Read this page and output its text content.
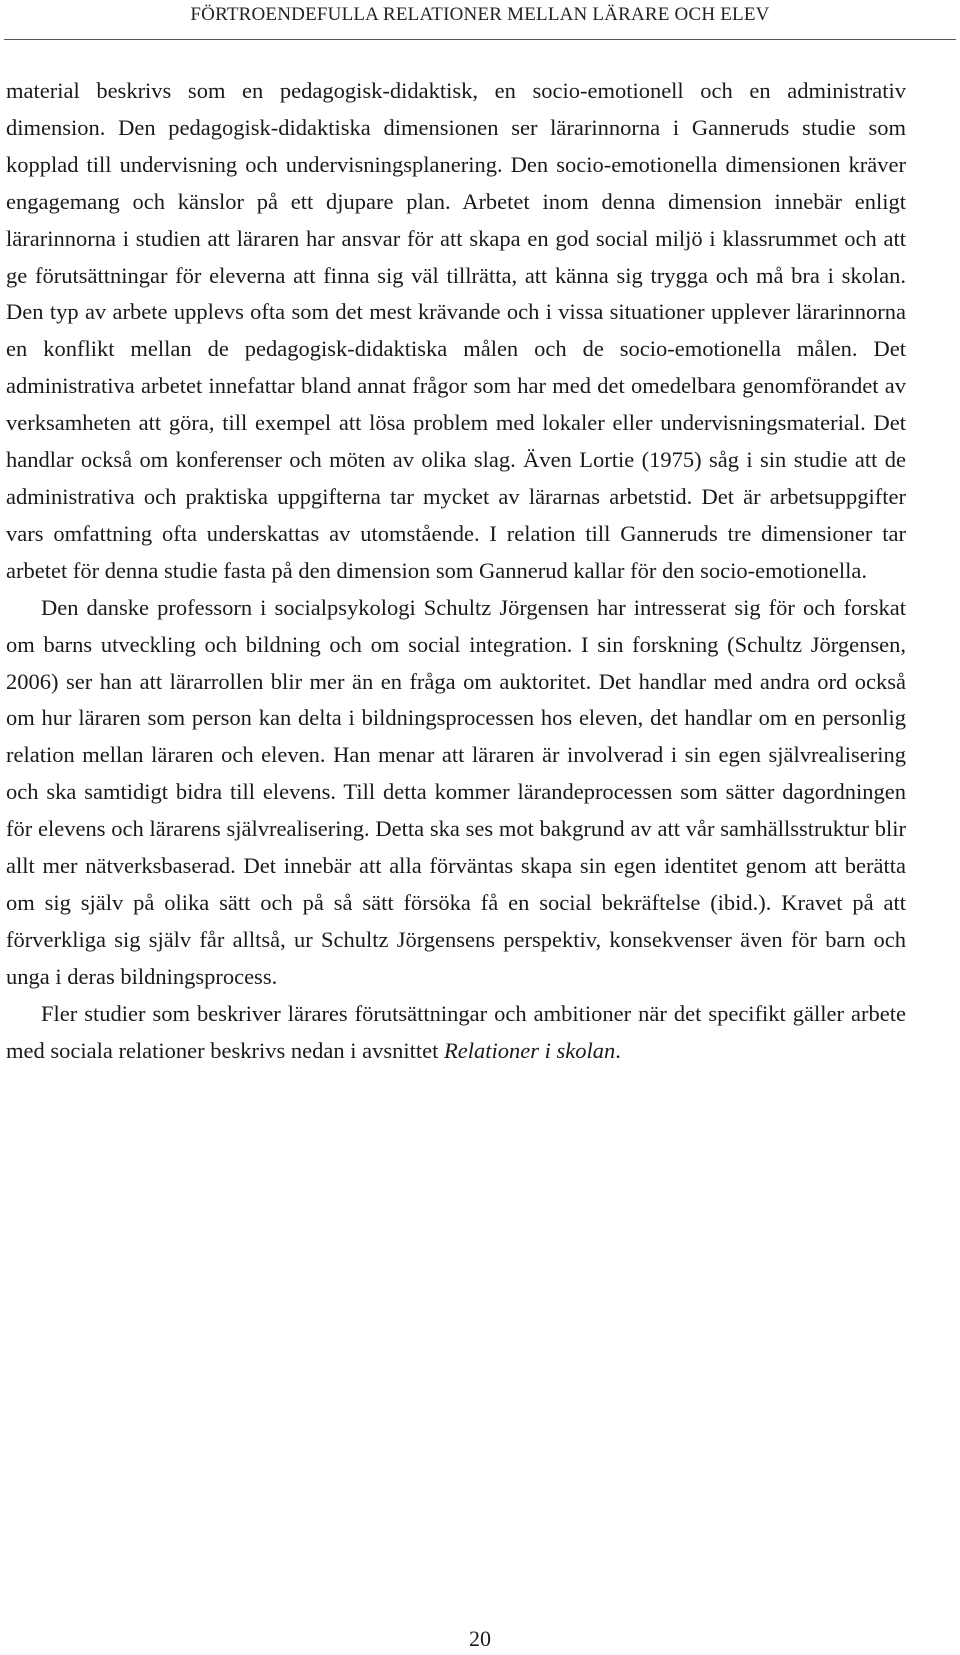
FÖRTROENDEFULLA RELATIONER MELLAN LÄRARE OCH ELEV

material beskrivs som en pedagogisk-didaktisk, en socio-emotionell och en administrativ dimension. Den pedagogisk-didaktiska dimensionen ser lärarinnorna i Ganneruds studie som kopplad till undervisning och undervisningsplanering. Den socio-emotionella dimensionen kräver engagemang och känslor på ett djupare plan. Arbetet inom denna dimension innebär enligt lärarinnorna i studien att läraren har ansvar för att skapa en god social miljö i klassrummet och att ge förutsättningar för eleverna att finna sig väl tillrätta, att känna sig trygga och må bra i skolan. Den typ av arbete upplevs ofta som det mest krävande och i vissa situationer upplever lärarinnorna en konflikt mellan de pedagogisk-didaktiska målen och de socio-emotionella målen. Det administrativa arbetet innefattar bland annat frågor som har med det omedelbara genomförandet av verksamheten att göra, till exempel att lösa problem med lokaler eller undervisningsmaterial. Det handlar också om konferenser och möten av olika slag. Även Lortie (1975) såg i sin studie att de administrativa och praktiska uppgifterna tar mycket av lärarnas arbetstid. Det är arbetsuppgifter vars omfattning ofta underskattas av utomstående. I relation till Ganneruds tre dimensioner tar arbetet för denna studie fasta på den dimension som Gannerud kallar för den socio-emotionella.

Den danske professorn i socialpsykologi Schultz Jörgensen har intresserat sig för och forskat om barns utveckling och bildning och om social integration. I sin forskning (Schultz Jörgensen, 2006) ser han att lärarrollen blir mer än en fråga om auktoritet. Det handlar med andra ord också om hur läraren som person kan delta i bildningsprocessen hos eleven, det handlar om en personlig relation mellan läraren och eleven. Han menar att läraren är involverad i sin egen självrealisering och ska samtidigt bidra till elevens. Till detta kommer lärandeprocessen som sätter dagordningen för elevens och lärarens självrealisering. Detta ska ses mot bakgrund av att vår samhällsstruktur blir allt mer nätverksbaserad. Det innebär att alla förväntas skapa sin egen identitet genom att berätta om sig själv på olika sätt och på så sätt försöka få en social bekräftelse (ibid.). Kravet på att förverkliga sig själv får alltså, ur Schultz Jörgensens perspektiv, konsekvenser även för barn och unga i deras bildningsprocess.

Fler studier som beskriver lärares förutsättningar och ambitioner när det specifikt gäller arbete med sociala relationer beskrivs nedan i avsnittet Relationer i skolan.

20
